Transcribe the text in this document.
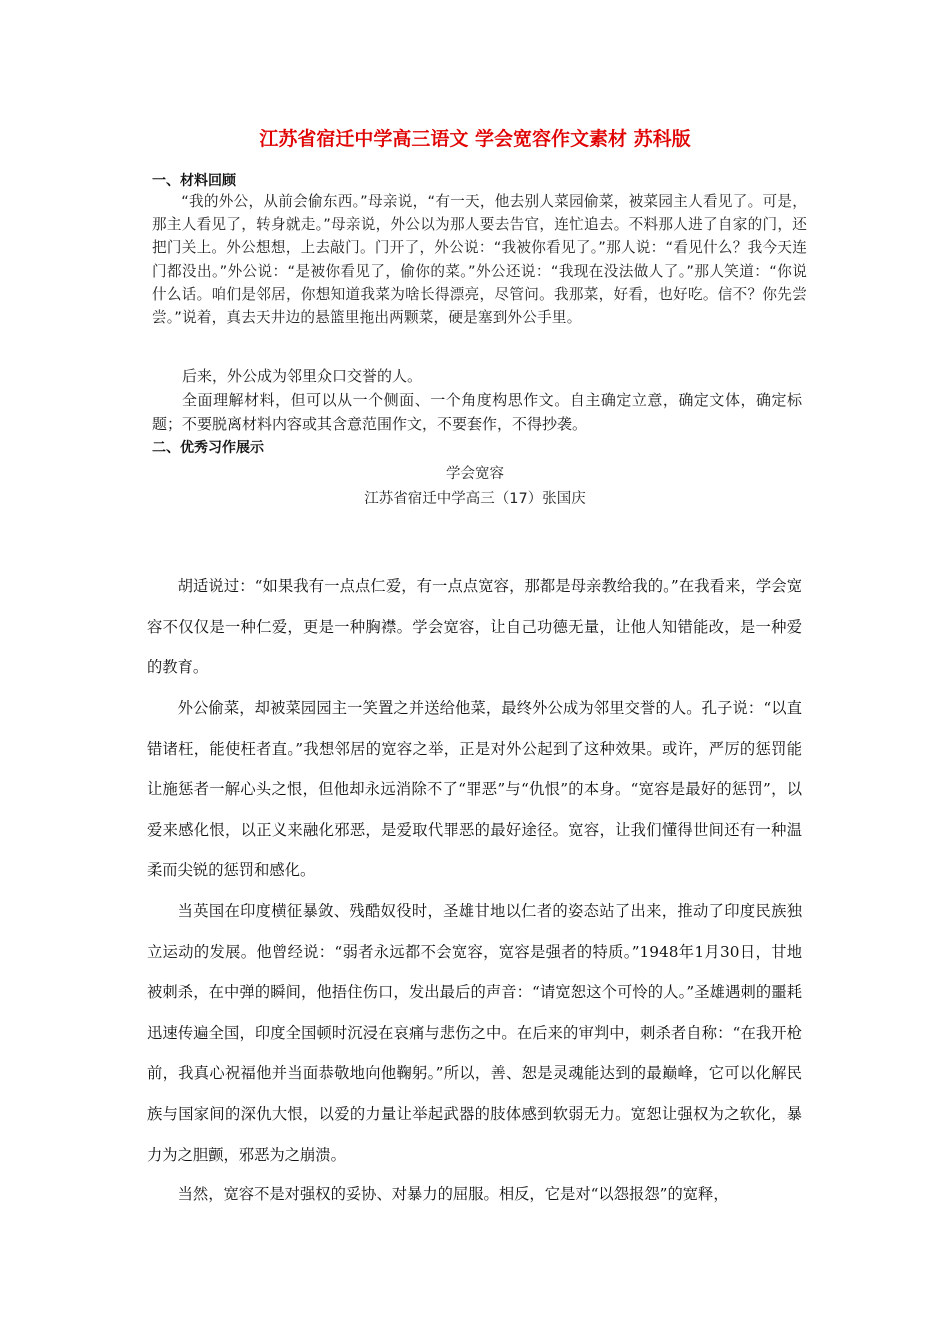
江苏省宿迁中学高三语文 学会宽容作文素材 苏科版
一、材料回顾

“我的外公，从前会偷东西。”母亲说，“有一天，他去别人菜园偷菜，被菜园主人看见了。可是，那主人看见了，转身就走。”母亲说，外公以为那人要去告官，连忙追去。不料那人进了自家的门，还把门关上。外公想想，上去敲门。门开了，外公说：“我被你看见了。”那人说：“看见什么？我今天连门都没出。”外公说：“是被你看见了，偷你的菜。”外公还说：“我现在没法做人了。”那人笑道：“你说什么话。咱们是邻居，你想知道我菜为啥长得漂亮，尽管问。我那菜，好看，也好吃。信不？你先尝尝。”说着，真去天井边的悬篮里拖出两颗菜，硬是塞到外公手里。

后来，外公成为邻里众口交誉的人。

全面理解材料，但可以从一个侧面、一个角度构思作文。自主确定立意，确定文体，确定标题；不要脱离材料内容或其含意范围作文，不要套作，不得抄袭。

二、优秀习作展示

学会宽容

江苏省宿迁中学高三（17）张国庆

胡适说过：“如果我有一点点仁爱，有一点点宽容，那都是母亲教给我的。”在我看来，学会宽容不仅仅是一种仁爱，更是一种胸襟。学会宽容，让自己功德无量，让他人知错能改，是一种爱的教育。

外公偷菜，却被菜园园主一笑置之并送给他菜，最终外公成为邻里交誉的人。孔子说：“以直错诸枉，能使枉者直。”我想邻居的宽容之举，正是对外公起到了这种效果。或许，严厉的惩罚能让施惩者一解心头之恨，但他却永远消除不了“罪恶”与“仇恨”的本身。“宽容是最好的惩罚”，以爱来感化恨，以正义来融化邪恶，是爱取代罪恶的最好途径。宽容，让我们懂得世间还有一种温柔而尖锐的惩罚和感化。

当英国在印度横征暴敛、残酷奴役时，圣雄甘地以仁者的姿态站了出来，推动了印度民族独立运动的发展。他曾经说：“弱者永远都不会宽容，宽容是强者的特质。”1948年1月30日，甘地被刺杀，在中弹的瞬间，他捂住伤口，发出最后的声音：“请宽恕这个可怜的人。”圣雄遇刺的噩耗迅速传遍全国，印度全国顿时沉浸在哀痛与悲伤之中。在后来的审判中，刺杀者自称：“在我开枪前，我真心祝福他并当面恭敬地向他鞠躬。”所以，善、恕是灵魂能达到的最巅峰，它可以化解民族与国家间的深仇大恨，以爱的力量让举起武器的肢体感到软弱无力。宽恕让强权为之软化，暴力为之胆颤，邪恶为之崩溃。

当然，宽容不是对强权的妥协、对暴力的屈服。相反，它是对“以怨报怨”的宽释，
